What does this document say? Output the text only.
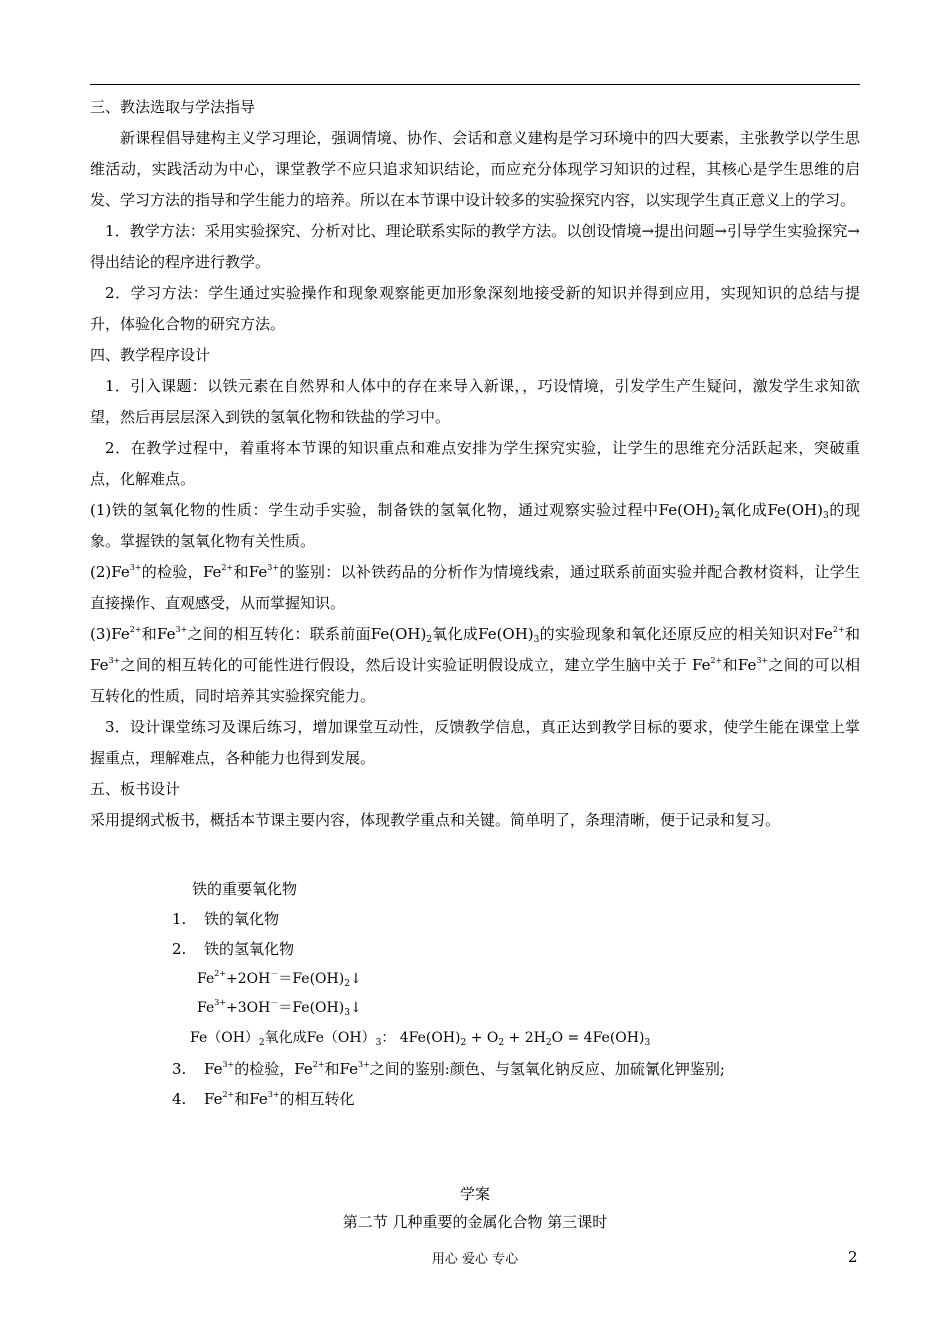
三、教法选取与学法指导

新课程倡导建构主义学习理论，强调情境、协作、会话和意义建构是学习环境中的四大要素，主张教学以学生思维活动，实践活动为中心，课堂教学不应只追求知识结论，而应充分体现学习知识的过程，其核心是学生思维的启发、学习方法的指导和学生能力的培养。所以在本节课中设计较多的实验探究内容，以实现学生真正意义上的学习。

1．教学方法：采用实验探究、分析对比、理论联系实际的教学方法。以创设情境→提出问题→引导学生实验探究→得出结论的程序进行教学。

2．学习方法：学生通过实验操作和现象观察能更加形象深刻地接受新的知识并得到应用，实现知识的总结与提升，体验化合物的研究方法。

四、教学程序设计

1．引入课题：以铁元素在自然界和人体中的存在来导入新课，，巧设情境，引发学生产生疑问，激发学生求知欲望，然后再层层深入到铁的氢氧化物和铁盐的学习中。

2．在教学过程中，着重将本节课的知识重点和难点安排为学生探究实验，让学生的思维充分活跃起来，突破重点，化解难点。

(1)铁的氢氧化物的性质：学生动手实验，制备铁的氢氧化物，通过观察实验过程中$Fe(OH)_2$氧化成$Fe(OH)_3$的现象。掌握铁的氢氧化物有关性质。

$(2)Fe^{3+}$的检验，$Fe^{2+}$和$Fe^{3+}$的鉴别：以补铁药品的分析作为情境线索，通过联系前面实验并配合教材资料，让学生直接操作、直观感受，从而掌握知识。

$(3)Fe^{2+}$和$Fe^{3+}$之间的相互转化：联系前面$Fe(OH)_2$氧化成$Fe(OH)_3$的实验现象和氧化还原反应的相关知识对$Fe^{2+}$和$Fe^{3+}$之间的相互转化的可能性进行假设，然后设计实验证明假设成立，建立学生脑中关于 $Fe^{2+}$和$Fe^{3+}$之间的可以相互转化的性质，同时培养其实验探究能力。

3．设计课堂练习及课后练习，增加课堂互动性，反馈教学信息，真正达到教学目标的要求，使学生能在课堂上掌握重点，理解难点，各种能力也得到发展。

五、板书设计

采用提纲式板书，概括本节课主要内容，体现教学重点和关键。简单明了，条理清晰，便于记录和复习。

铁的重要氧化物
1. 铁的氧化物
2. 铁的氢氧化物
$Fe^{2+}+2OH^-=Fe(OH)_2↓$
$Fe^{3+}+3OH^-=Fe(OH)_3↓$
$Fe(OH)_2$氧化成$Fe(OH)_3$： $4Fe(OH)_2 + O_2 + 2H_2O = 4Fe(OH)_3$
3. $Fe^{3+}$的检验，$Fe^{2+}$和$Fe^{3+}$之间的鉴别:颜色、与氢氧化钠反应、加硫氰化钾鉴别;
4. $Fe^{2+}$和$Fe^{3+}$的相互转化
学案
第二节 几种重要的金属化合物 第三课时
用心 爱心 专心	2
